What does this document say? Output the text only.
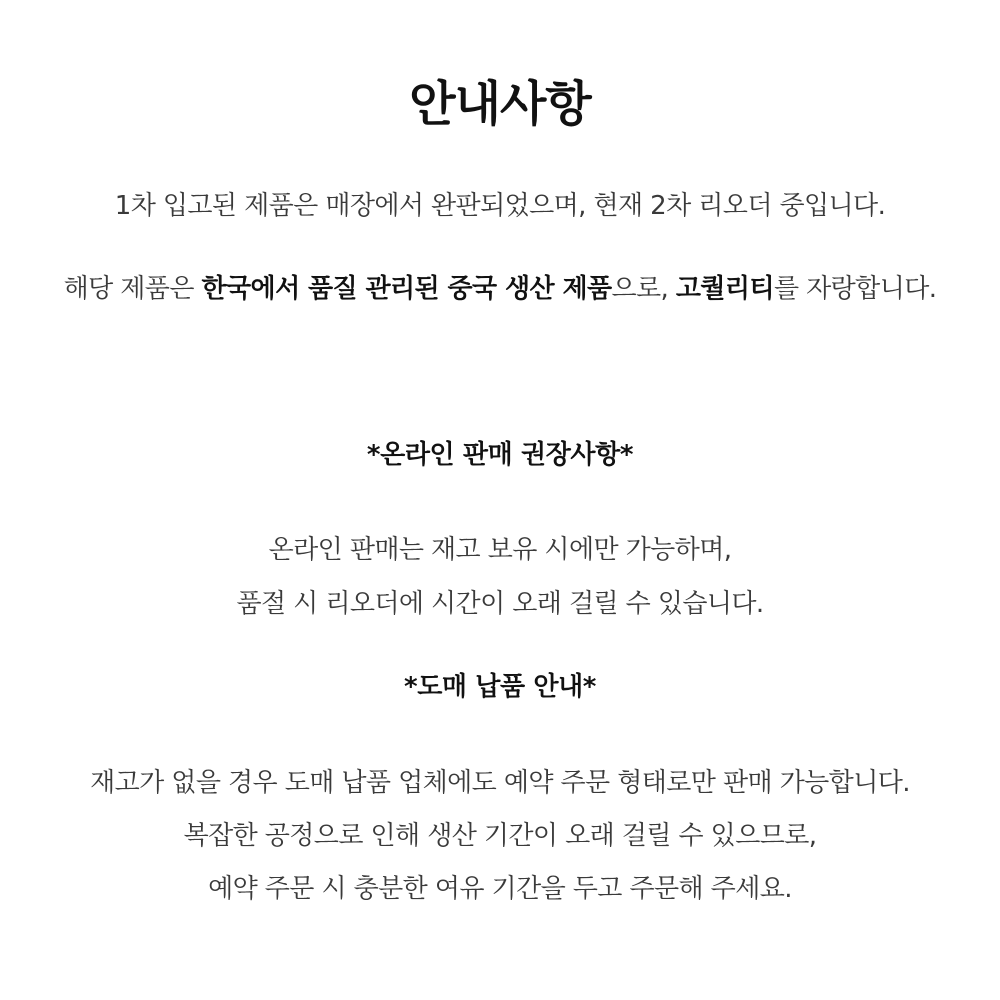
안내사항
1차 입고된 제품은 매장에서 완판되었으며, 현재 2차 리오더 중입니다.
해당 제품은 한국에서 품질 관리된 중국 생산 제품으로, 고퀄리티를 자랑합니다.
*온라인 판매 권장사항*
온라인 판매는 재고 보유 시에만 가능하며,
품절 시 리오더에 시간이 오래 걸릴 수 있습니다.
*도매 납품 안내*
재고가 없을 경우 도매 납품 업체에도 예약 주문 형태로만 판매 가능합니다.
복잡한 공정으로 인해 생산 기간이 오래 걸릴 수 있으므로,
예약 주문 시 충분한 여유 기간을 두고 주문해 주세요.
